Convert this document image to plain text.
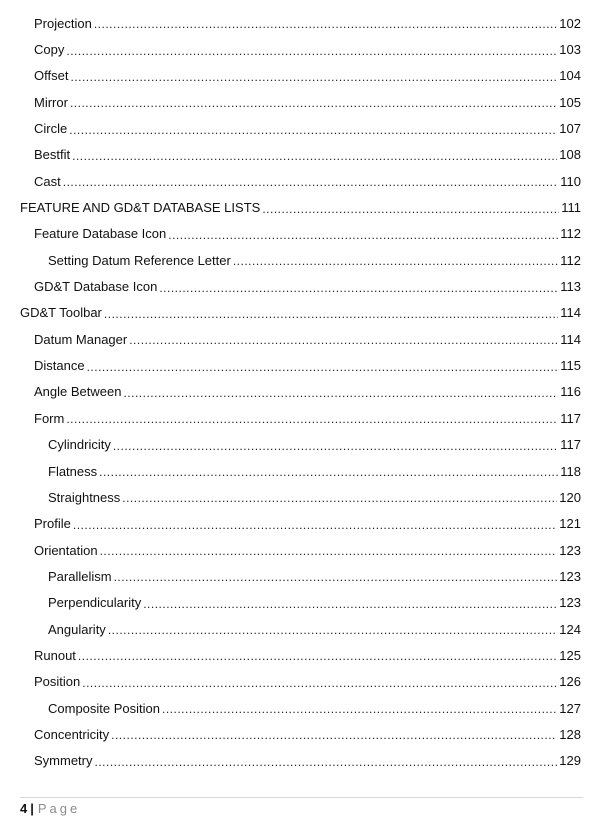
Projection .....	102
Copy .....	103
Offset .....	104
Mirror .....	105
Circle .....	107
Bestfit .....	108
Cast .....	110
FEATURE AND GD&T DATABASE LISTS .....	111
Feature Database Icon .....	112
Setting Datum Reference Letter .....	112
GD&T Database Icon .....	113
GD&T Toolbar .....	114
Datum Manager .....	114
Distance .....	115
Angle Between .....	116
Form .....	117
Cylindricity .....	117
Flatness .....	118
Straightness .....	120
Profile .....	121
Orientation .....	123
Parallelism .....	123
Perpendicularity .....	123
Angularity .....	124
Runout .....	125
Position .....	126
Composite Position .....	127
Concentricity .....	128
Symmetry .....	129
4 | Page
